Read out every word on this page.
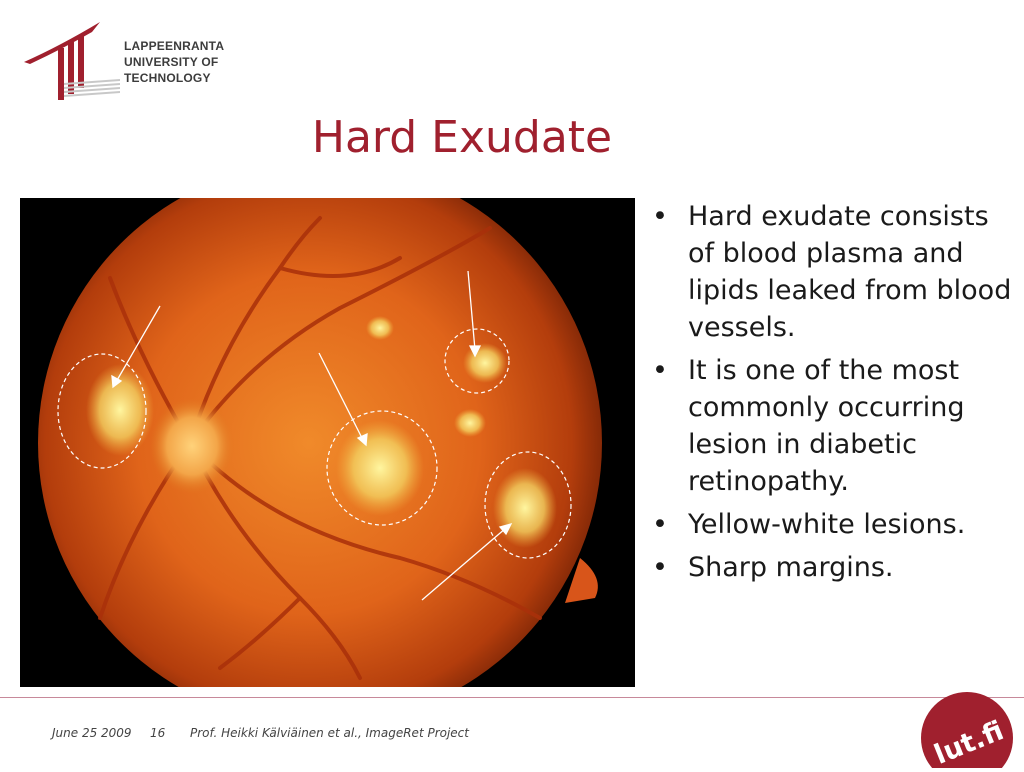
LAPPEENRANTA
UNIVERSITY OF TECHNOLOGY
Hard Exudate
• Hard exudate consists of blood plasma and lipids leaked from blood vessels.
• It is one of the most commonly occurring lesion in diabetic retinopathy.
• Yellow-white lesions.
• Sharp margins.
June 25 2009 16 Prof. Heikki Kälviäinen et al., ImageRet Project	lut.fi
